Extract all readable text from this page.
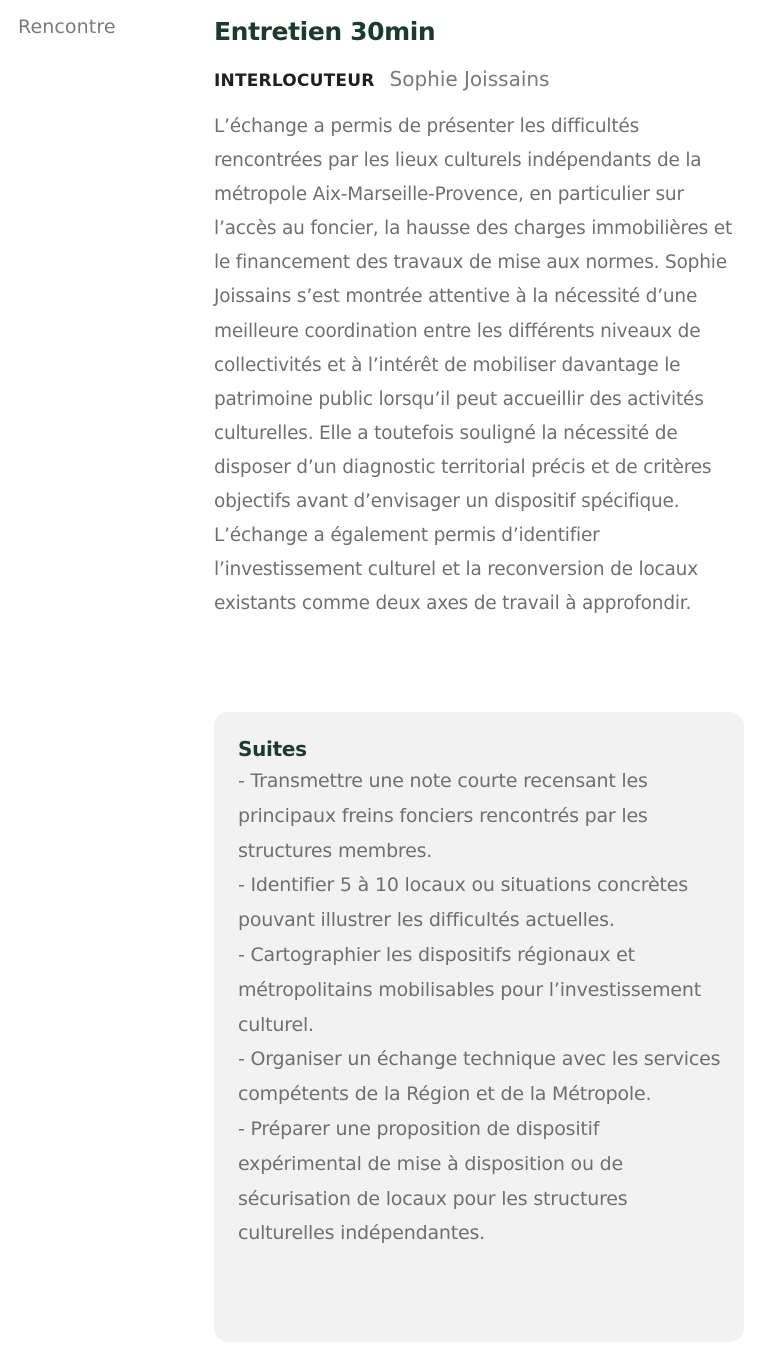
Rencontre	Entretien 30min
INTERLOCUTEUR Sophie Joissains

L’échange a permis de présenter les difficultés rencontrées par les lieux culturels indépendants de la métropole Aix-Marseille-Provence, en particulier sur l’accès au foncier, la hausse des charges immobilières et le financement des travaux de mise aux normes. Sophie Joissains s’est montrée attentive à la nécessité d’une meilleure coordination entre les différents niveaux de collectivités et à l’intérêt de mobiliser davantage le patrimoine public lorsqu’il peut accueillir des activités culturelles. Elle a toutefois souligné la nécessité de disposer d’un diagnostic territorial précis et de critères objectifs avant d’envisager un dispositif spécifique. L’échange a également permis d’identifier l’investissement culturel et la reconversion de locaux existants comme deux axes de travail à approfondir.

Suites
- Transmettre une note courte recensant les principaux freins fonciers rencontrés par les structures membres.
- Identifier 5 à 10 locaux ou situations concrètes pouvant illustrer les difficultés actuelles.
- Cartographier les dispositifs régionaux et métropolitains mobilisables pour l’investissement culturel.
- Organiser un échange technique avec les services compétents de la Région et de la Métropole.
- Préparer une proposition de dispositif expérimental de mise à disposition ou de sécurisation de locaux pour les structures culturelles indépendantes.
